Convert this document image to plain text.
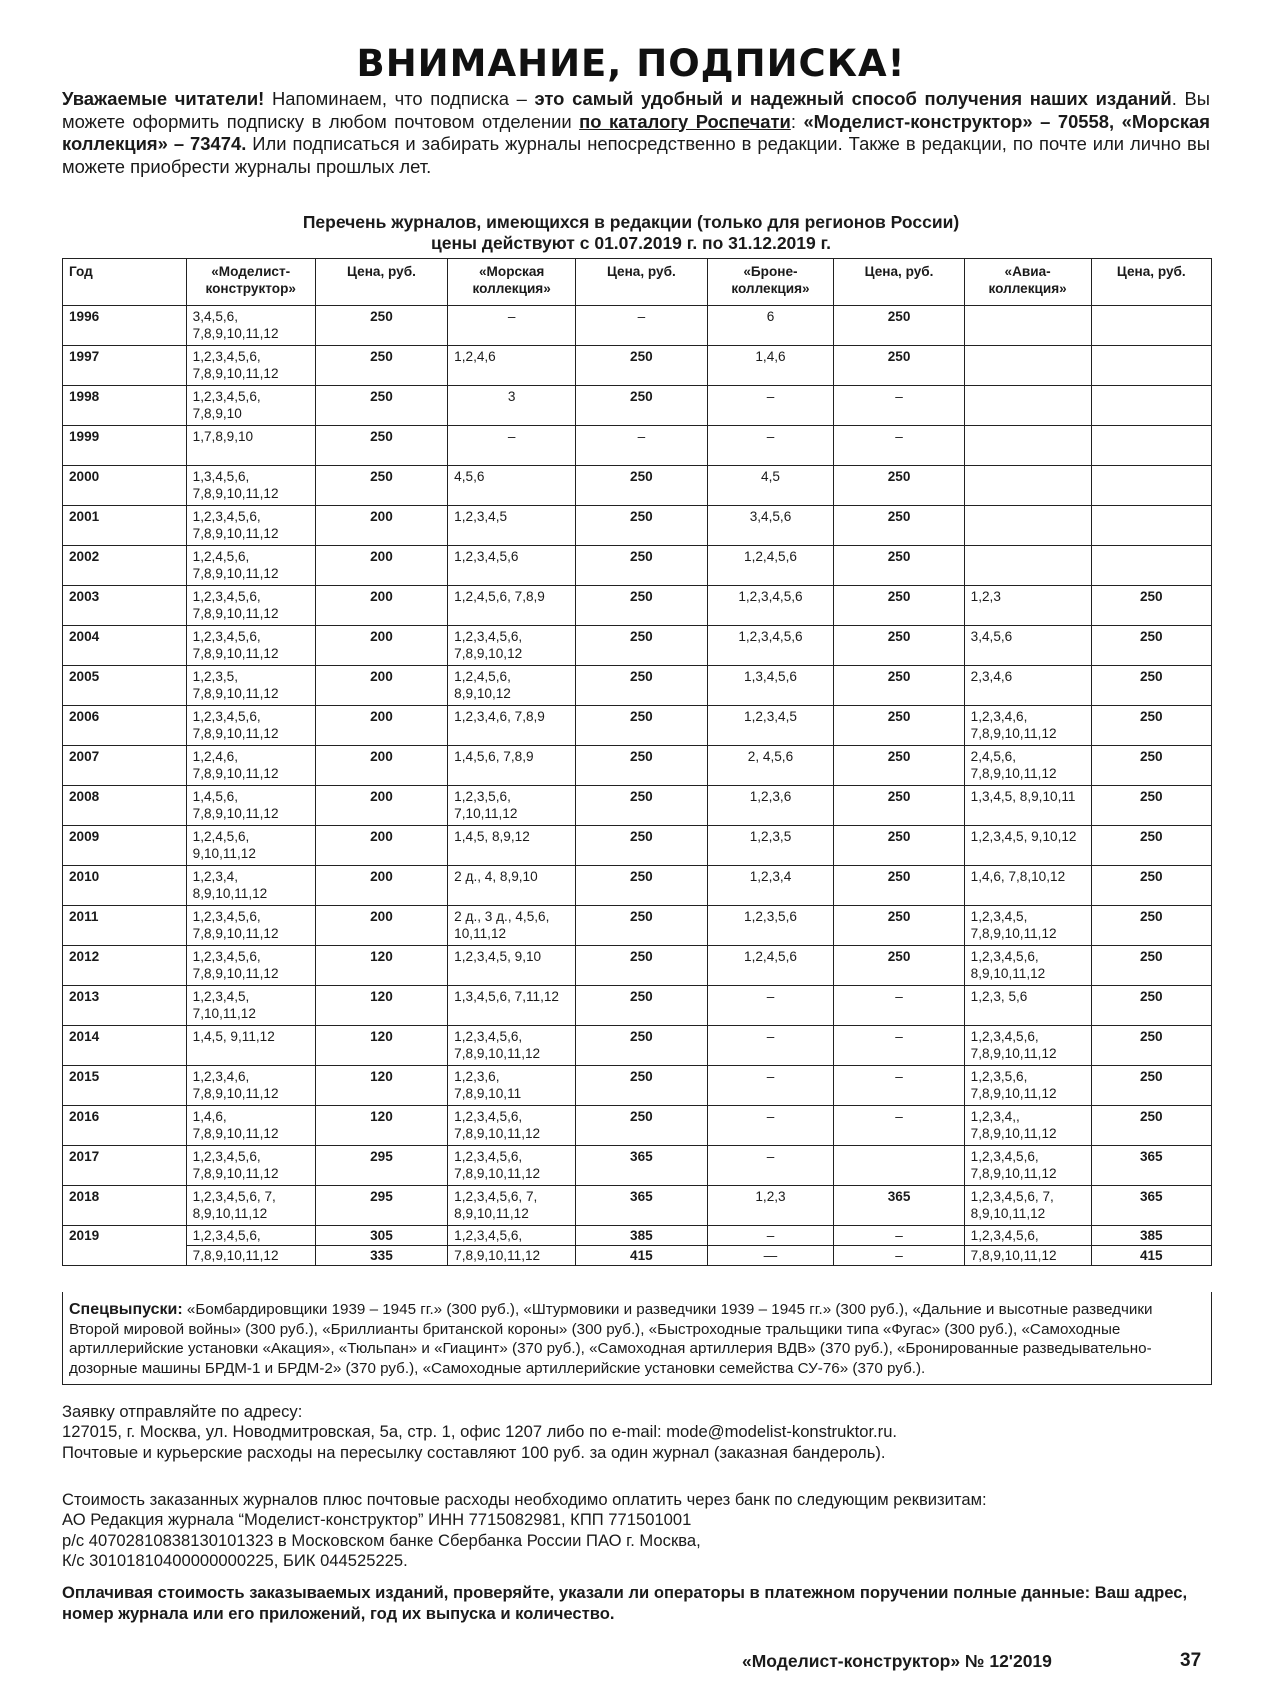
ВНИМАНИЕ, ПОДПИСКА!
Уважаемые читатели! Напоминаем, что подписка – это самый удобный и надежный способ получения наших изданий. Вы можете оформить подписку в любом почтовом отделении по каталогу Роспечати: «Моделист-конструктор» – 70558, «Морская коллекция» – 73474. Или подписаться и забирать журналы непосредственно в редакции. Также в редакции, по почте или лично вы можете приобрести журналы прошлых лет.
Перечень журналов, имеющихся в редакции (только для регионов России)
цены действуют с 01.07.2019 г. по 31.12.2019 г.
Год	«Моделист-конструктор»	Цена, руб.	«Морская коллекция»	Цена, руб.	«Броне-коллекция»	Цена, руб.	«Авиа-коллекция»	Цена, руб.
1996	3,4,5,6, 7,8,9,10,11,12	250	–	–	6	250		
1997	1,2,3,4,5,6, 7,8,9,10,11,12	250	1,2,4,6	250	1,4,6	250		
1998	1,2,3,4,5,6, 7,8,9,10	250	3	250	–	–		
1999	1,7,8,9,10	250	–	–	–	–		
2000	1,3,4,5,6, 7,8,9,10,11,12	250	4,5,6	250	4,5	250		
2001	1,2,3,4,5,6, 7,8,9,10,11,12	200	1,2,3,4,5	250	3,4,5,6	250		
2002	1,2,4,5,6, 7,8,9,10,11,12	200	1,2,3,4,5,6	250	1,2,4,5,6	250		
2003	1,2,3,4,5,6, 7,8,9,10,11,12	200	1,2,4,5,6, 7,8,9	250	1,2,3,4,5,6	250	1,2,3	250
2004	1,2,3,4,5,6, 7,8,9,10,11,12	200	1,2,3,4,5,6, 7,8,9,10,12	250	1,2,3,4,5,6	250	3,4,5,6	250
2005	1,2,3,5, 7,8,9,10,11,12	200	1,2,4,5,6, 8,9,10,12	250	1,3,4,5,6	250	2,3,4,6	250
2006	1,2,3,4,5,6, 7,8,9,10,11,12	200	1,2,3,4,6, 7,8,9	250	1,2,3,4,5	250	1,2,3,4,6, 7,8,9,10,11,12	250
2007	1,2,4,6, 7,8,9,10,11,12	200	1,4,5,6, 7,8,9	250	2, 4,5,6	250	2,4,5,6, 7,8,9,10,11,12	250
2008	1,4,5,6, 7,8,9,10,11,12	200	1,2,3,5,6, 7,10,11,12	250	1,2,3,6	250	1,3,4,5, 8,9,10,11	250
2009	1,2,4,5,6, 9,10,11,12	200	1,4,5, 8,9,12	250	1,2,3,5	250	1,2,3,4,5, 9,10,12	250
2010	1,2,3,4, 8,9,10,11,12	200	2 д., 4, 8,9,10	250	1,2,3,4	250	1,4,6, 7,8,10,12	250
2011	1,2,3,4,5,6, 7,8,9,10,11,12	200	2 д., 3 д., 4,5,6, 10,11,12	250	1,2,3,5,6	250	1,2,3,4,5, 7,8,9,10,11,12	250
2012	1,2,3,4,5,6, 7,8,9,10,11,12	120	1,2,3,4,5, 9,10	250	1,2,4,5,6	250	1,2,3,4,5,6, 8,9,10,11,12	250
2013	1,2,3,4,5, 7,10,11,12	120	1,3,4,5,6, 7,11,12	250	–	–	1,2,3, 5,6	250
2014	1,4,5, 9,11,12	120	1,2,3,4,5,6, 7,8,9,10,11,12	250	–	–	1,2,3,4,5,6, 7,8,9,10,11,12	250
2015	1,2,3,4,6, 7,8,9,10,11,12	120	1,2,3,6, 7,8,9,10,11	250	–	–	1,2,3,5,6, 7,8,9,10,11,12	250
2016	1,4,6, 7,8,9,10,11,12	120	1,2,3,4,5,6, 7,8,9,10,11,12	250	–	–	1,2,3,4,, 7,8,9,10,11,12	250
2017	1,2,3,4,5,6, 7,8,9,10,11,12	295	1,2,3,4,5,6, 7,8,9,10,11,12	365	–		1,2,3,4,5,6, 7,8,9,10,11,12	365
2018	1,2,3,4,5,6, 7, 8,9,10,11,12	295	1,2,3,4,5,6, 7, 8,9,10,11,12	365	1,2,3	365	1,2,3,4,5,6, 7, 8,9,10,11,12	365
2019	1,2,3,4,5,6,	305	1,2,3,4,5,6,	385	–	–	1,2,3,4,5,6,	385
	7,8,9,10,11,12	335	7,8,9,10,11,12	415	—	–	7,8,9,10,11,12	415
Спецвыпуски: «Бомбардировщики 1939 – 1945 гг.» (300 руб.), «Штурмовики и разведчики 1939 – 1945 гг.» (300 руб.), «Дальние и высотные разведчики Второй мировой войны» (300 руб.), «Бриллианты британской короны» (300 руб.), «Быстроходные тральщики типа «Фугас» (300 руб.), «Самоходные артиллерийские установки «Акация», «Тюльпан» и «Гиацинт» (370 руб.), «Самоходная артиллерия ВДВ» (370 руб.), «Бронированные разведывательно-дозорные машины БРДМ-1 и БРДМ-2» (370 руб.), «Самоходные артиллерийские установки семейства СУ-76» (370 руб.).

Заявку отправляйте по адресу:

127015, г. Москва, ул. Новодмитровская, 5а, стр. 1, офис 1207 либо по e-mail: mode@modelist-konstruktor.ru.

Почтовые и курьерские расходы на пересылку составляют 100 руб. за один журнал (заказная бандероль).

Стоимость заказанных журналов плюс почтовые расходы необходимо оплатить через банк по следующим реквизитам:

АО Редакция журнала “Моделист-конструктор” ИНН 7715082981, КПП 771501001

р/с 40702810838130101323 в Московском банке Сбербанка России ПАО г. Москва,

К/с 30101810400000000225, БИК 044525225.

Оплачивая стоимость заказываемых изданий, проверяйте, указали ли операторы в платежном поручении полные данные: Ваш адрес, номер журнала или его приложений, год их выпуска и количество.
«Моделист-конструктор» № 12'2019	37
